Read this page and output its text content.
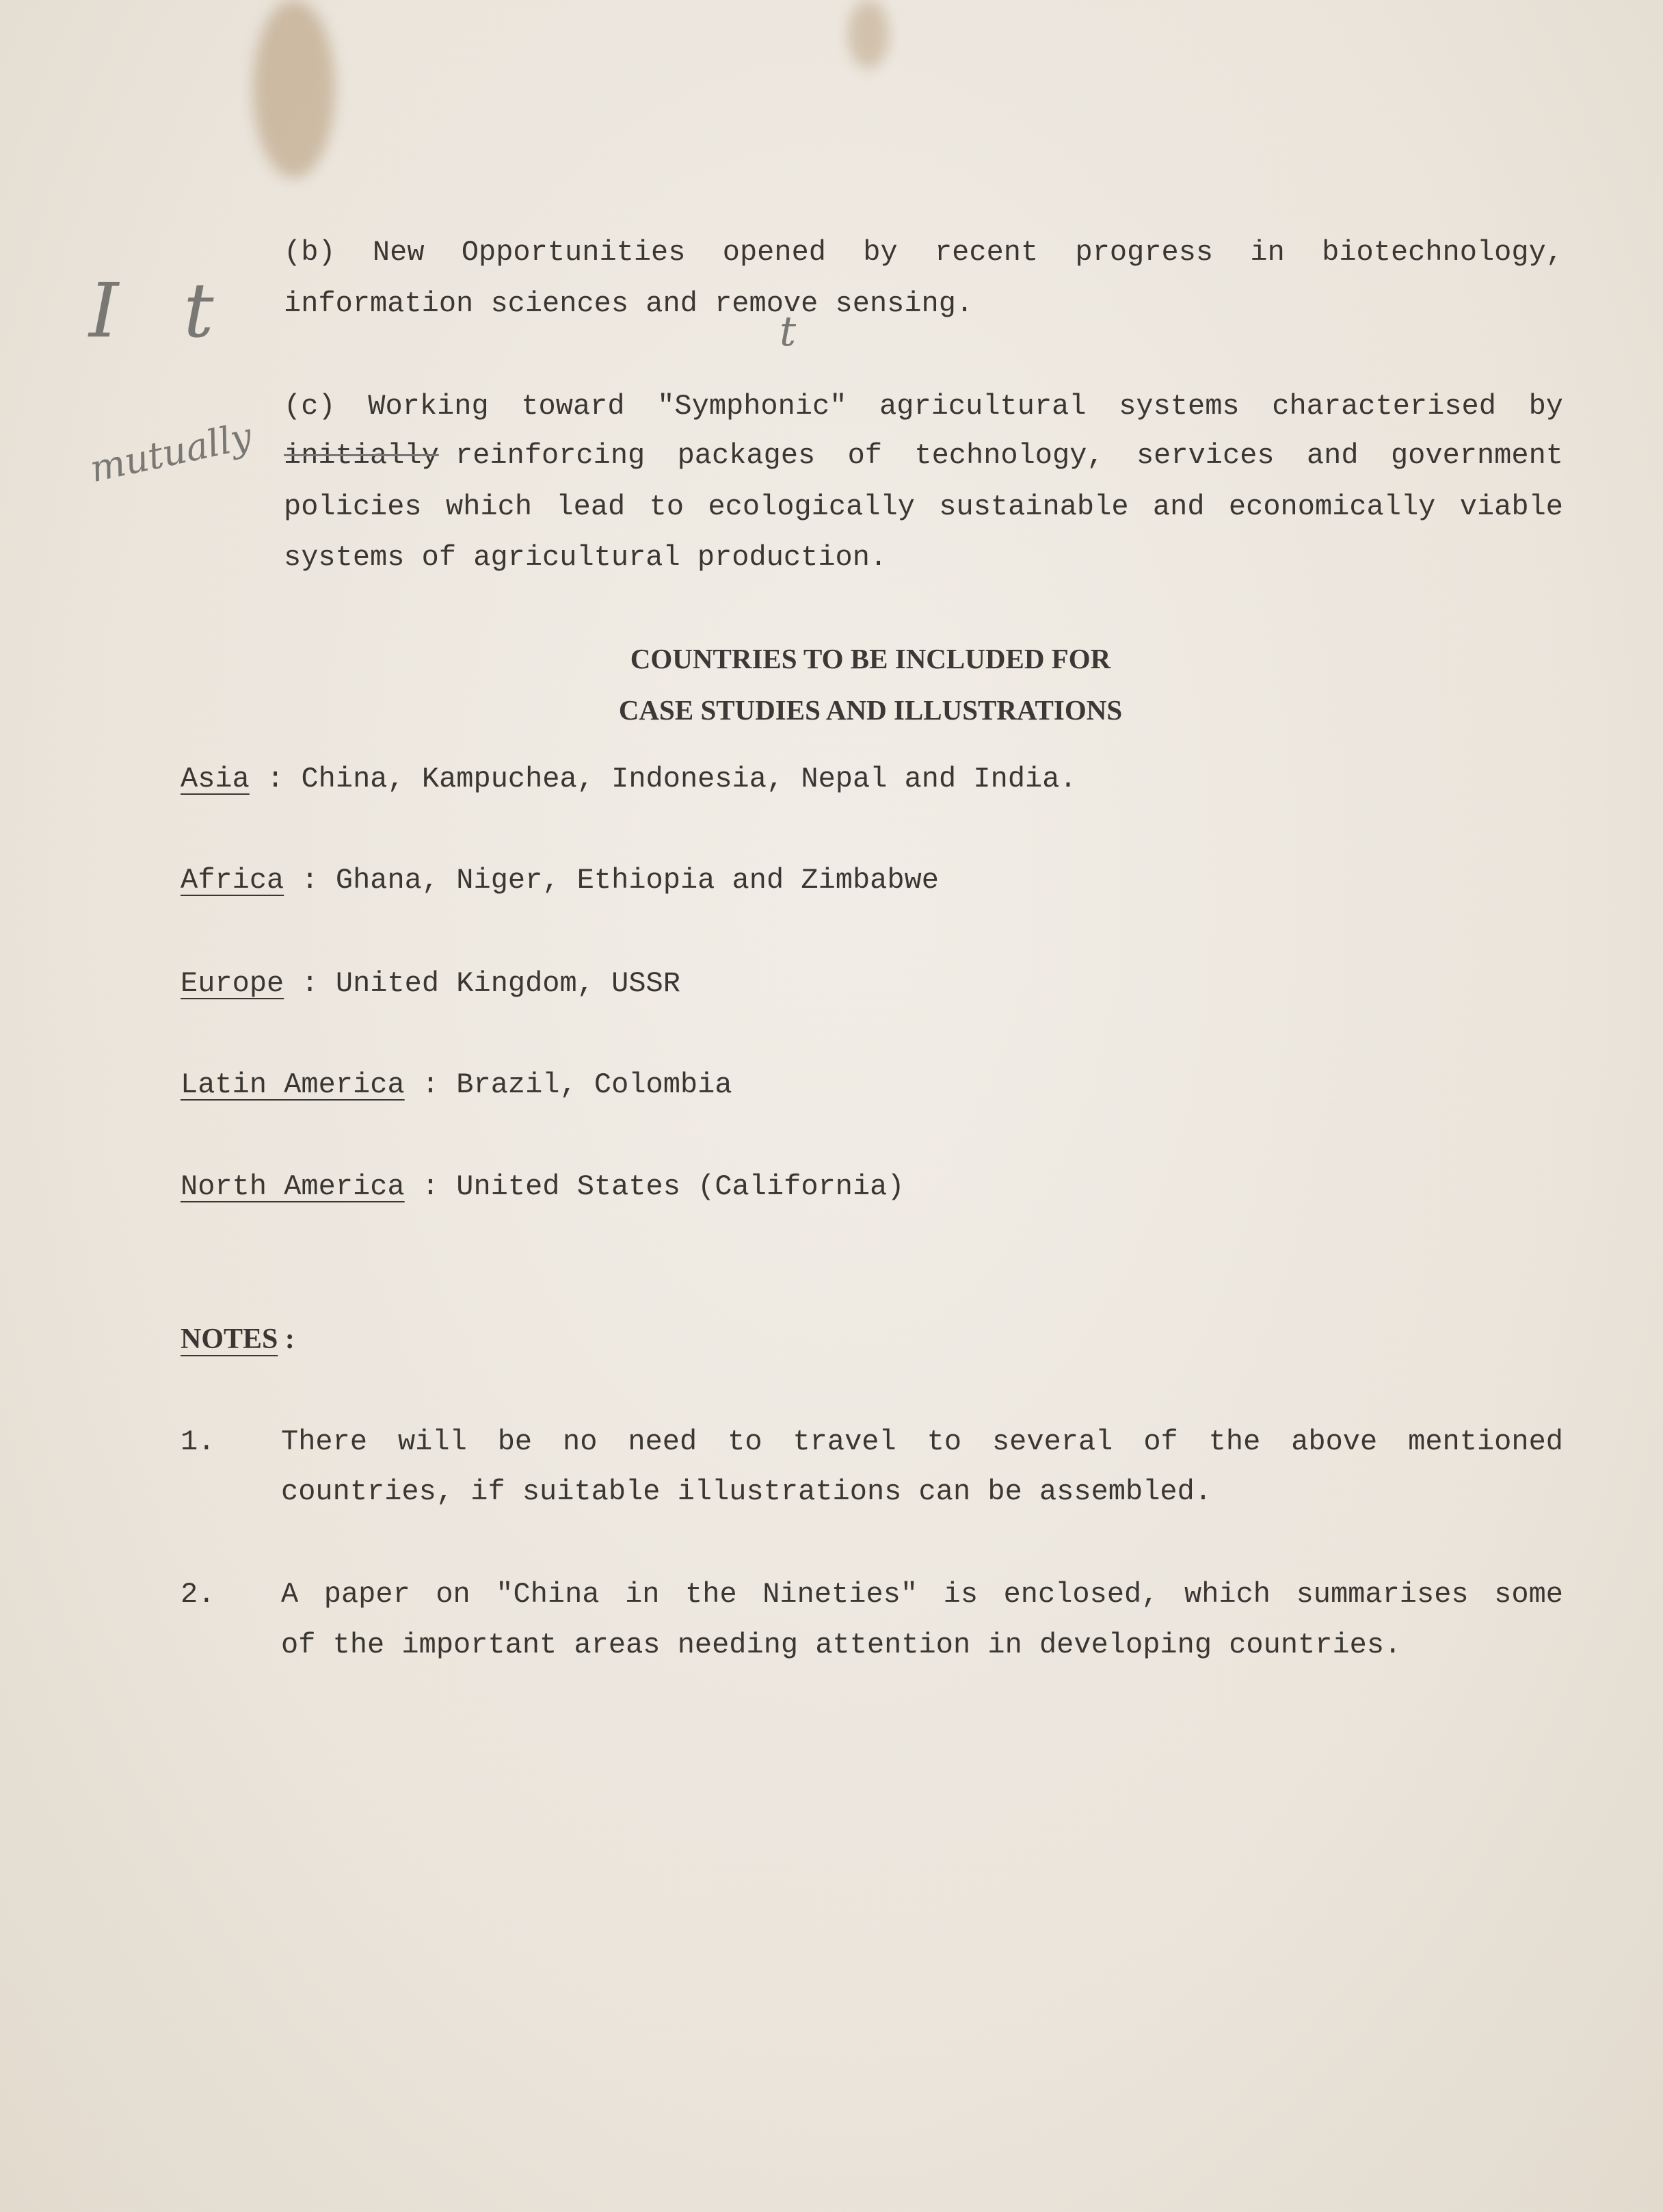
(b) New Opportunities opened by recent progress in biotechnology,
information sciences and remove sensing.
I t	t
mutually
(c) Working toward "Symphonic" agricultural systems characterised by
initially reinforcing packages of technology, services and government
policies which lead to ecologically sustainable and economically viable
systems of agricultural production.
COUNTRIES TO BE INCLUDED FOR
CASE STUDIES AND ILLUSTRATIONS
Asia : China, Kampuchea, Indonesia, Nepal and India.
Africa : Ghana, Niger, Ethiopia and Zimbabwe
Europe : United Kingdom, USSR
Latin America : Brazil, Colombia
North America : United States (California)
NOTES :
1. There will be no need to travel to several of the above mentioned
countries, if suitable illustrations can be assembled.
2. A paper on "China in the Nineties" is enclosed, which summarises some
of the important areas needing attention in developing countries.
